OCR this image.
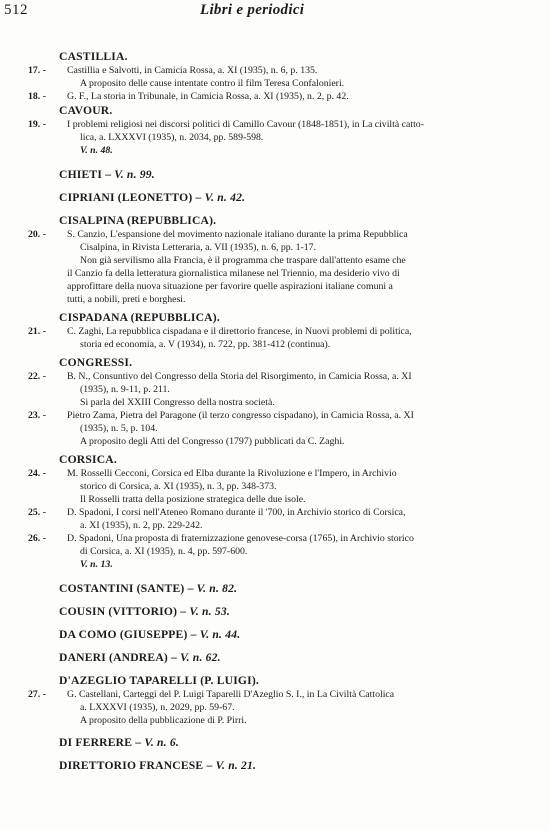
512	Libri e periodici

CASTILLIA.

17. - Castillia e Salvotti, in Camicia Rossa, a. XI (1935), n. 6, p. 135.
A proposito delle cause intentate contro il film Teresa Confalonieri.
18. - G. F., La storia in Tribunale, in Camicia Rossa, a. XI (1935), n. 2, p. 42.

CAVOUR.

19. - I problemi religiosi nei discorsi politici di Camillo Cavour (1848-1851), in La civiltà catto-
lica, a. LXXXVI (1935), n. 2034, pp. 589-598.
V. n. 48.

CHIETI – V. n. 99.

CIPRIANI (LEONETTO) – V. n. 42.

CISALPINA (REPUBBLICA).

20. - S. Canzio, L'espansione del movimento nazionale italiano durante la prima Repubblica
Cisalpina, in Rivista Letteraria, a. VII (1935), n. 6, pp. 1-17.
Non già servilismo alla Francia, è il programma che traspare dall'attento esame che
il Canzio fa della letteratura giornalistica milanese nel Triennio, ma desiderio vivo di
approfittare della nuova situazione per favorire quelle aspirazioni italiane comuni a
tutti, a nobili, preti e borghesi.

CISPADANA (REPUBBLICA).

21. - C. Zaghi, La repubblica cispadana e il direttorio francese, in Nuovi problemi di politica,
storia ed economia, a. V (1934), n. 722, pp. 381-412 (continua).

CONGRESSI.

22. - B. N., Consuntivo del Congresso della Storia del Risorgimento, in Camicia Rossa, a. XI
(1935), n. 9-11, p. 211.
Si parla del XXIII Congresso della nostra società.
23. - Pietro Zama, Pietra del Paragone (il terzo congresso cispadano), in Camicia Rossa, a. XI
(1935), n. 5, p. 104.
A proposito degli Atti del Congresso (1797) pubblicati da C. Zaghi.

CORSICA.

24. - M. Rosselli Cecconi, Corsica ed Elba durante la Rivoluzione e l'Impero, in Archivio
storico di Corsica, a. XI (1935), n. 3, pp. 348-373.
Il Rosselli tratta della posizione strategica delle due isole.
25. - D. Spadoni, I corsi nell'Ateneo Romano durante il '700, in Archivio storico di Corsica,
a. XI (1935), n. 2, pp. 229-242.
26. - D. Spadoni, Una proposta di fraternizzazione genovese-corsa (1765), in Archivio storico
di Corsica, a. XI (1935), n. 4, pp. 597-600.
V. n. 13.

COSTANTINI (SANTE) – V. n. 82.

COUSIN (VITTORIO) – V. n. 53.

DA COMO (GIUSEPPE) – V. n. 44.

DANERI (ANDREA) – V. n. 62.

D'AZEGLIO TAPARELLI (P. LUIGI).

27. - G. Castellani, Carteggi del P. Luigi Taparelli D'Azeglio S. I., in La Civiltà Cattolica
a. LXXXVI (1935), n. 2029, pp. 59-67.
A proposito della pubblicazione di P. Pirri.

DI FERRERE – V. n. 6.

DIRETTORIO FRANCESE – V. n. 21.
